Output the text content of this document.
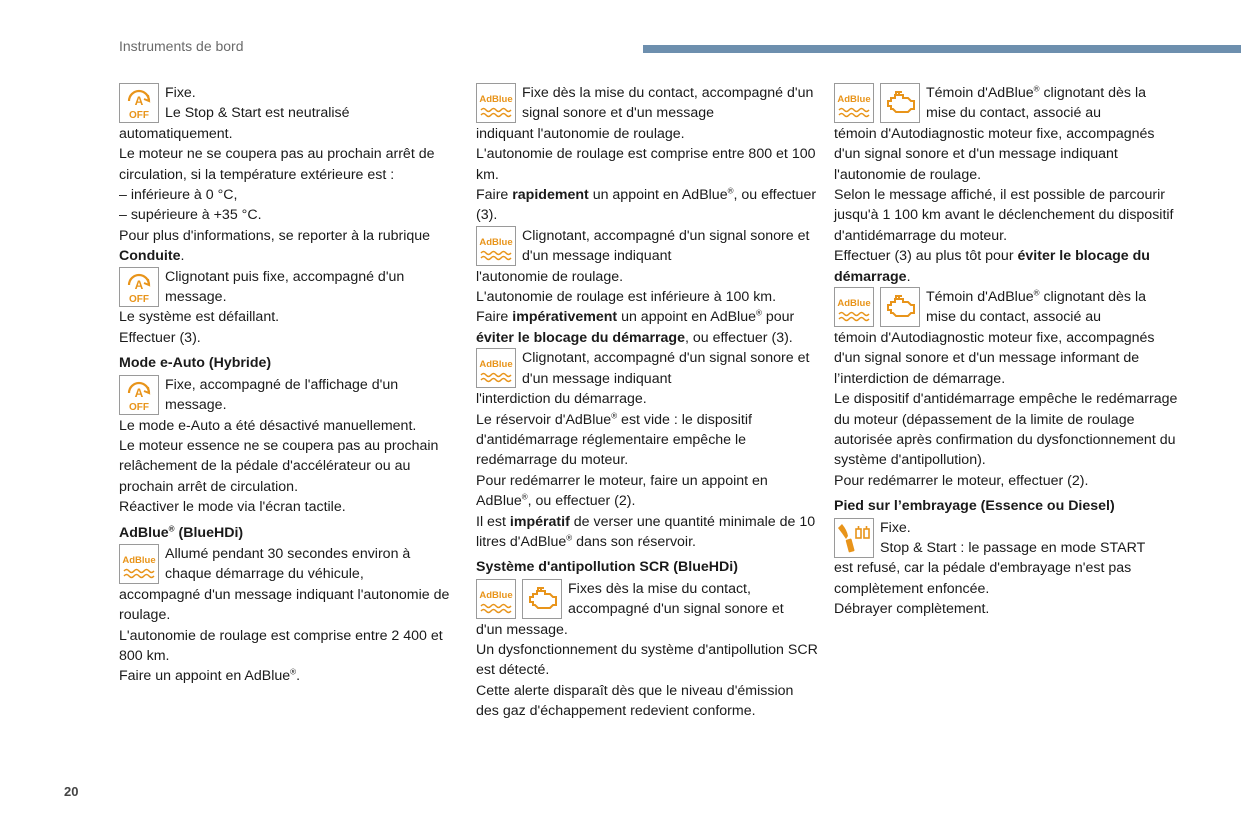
Instruments de bord
A
OFF

Fixe.

Le Stop & Start est neutralisé

automatiquement.

Le moteur ne se coupera pas au prochain arrêt de circulation, si la température extérieure est :

– inférieure à 0 °C,

– supérieure à +35 °C.

Pour plus d'informations, se reporter à la rubrique Conduite.

A
OFF

Clignotant puis fixe, accompagné d'un message.

Le système est défaillant.

Effectuer (3).

Mode e-Auto (Hybride)

A
OFF

Fixe, accompagné de l'affichage d'un message.

Le mode e-Auto a été désactivé manuellement.

Le moteur essence ne se coupera pas au prochain relâchement de la pédale d'accélérateur ou au prochain arrêt de circulation.

Réactiver le mode via l'écran tactile.

AdBlue® (BlueHDi)

AdBlue Allumé pendant 30 secondes environ à chaque démarrage du véhicule,

accompagné d'un message indiquant l'autonomie de roulage.

L'autonomie de roulage est comprise entre 2 400 et 800 km.

Faire un appoint en AdBlue®.

AdBlue Fixe dès la mise du contact, accompagné d'un signal sonore et d'un message

indiquant l'autonomie de roulage.

L'autonomie de roulage est comprise entre 800 et 100 km.

Faire rapidement un appoint en AdBlue®, ou effectuer (3).

AdBlue Clignotant, accompagné d'un signal sonore et d'un message indiquant

l'autonomie de roulage.

L'autonomie de roulage est inférieure à 100 km.

Faire impérativement un appoint en AdBlue® pour éviter le blocage du démarrage, ou effectuer (3).

AdBlue Clignotant, accompagné d'un signal sonore et d'un message indiquant

l'interdiction du démarrage.

Le réservoir d'AdBlue® est vide : le dispositif d'antidémarrage réglementaire empêche le redémarrage du moteur.

Pour redémarrer le moteur, faire un appoint en AdBlue®, ou effectuer (2).

Il est impératif de verser une quantité minimale de 10 litres d'AdBlue® dans son réservoir.

Système d'antipollution SCR (BlueHDi)

AdBlue	Fixes dès la mise du contact, accompagné d'un signal sonore et

d'un message.

Un dysfonctionnement du système d'antipollution SCR est détecté.

Cette alerte disparaît dès que le niveau d'émission des gaz d'échappement redevient conforme.

AdBlue	Témoin d'AdBlue® clignotant dès la mise du contact, associé au

témoin d'Autodiagnostic moteur fixe, accompagnés d'un signal sonore et d'un message indiquant l'autonomie de roulage.

Selon le message affiché, il est possible de parcourir jusqu'à 1 100 km avant le déclenchement du dispositif d'antidémarrage du moteur.

Effectuer (3) au plus tôt pour éviter le blocage du démarrage.

AdBlue	Témoin d'AdBlue® clignotant dès la mise du contact, associé au

témoin d'Autodiagnostic moteur fixe, accompagnés d'un signal sonore et d'un message informant de l’interdiction de démarrage.

Le dispositif d'antidémarrage empêche le redémarrage du moteur (dépassement de la limite de roulage autorisée après confirmation du dysfonctionnement du système d'antipollution).

Pour redémarrer le moteur, effectuer (2).

Pied sur l’embrayage (Essence ou Diesel)

Fixe.

Stop & Start : le passage en mode START

est refusé, car la pédale d'embrayage n'est pas complètement enfoncée.

Débrayer complètement.

20
